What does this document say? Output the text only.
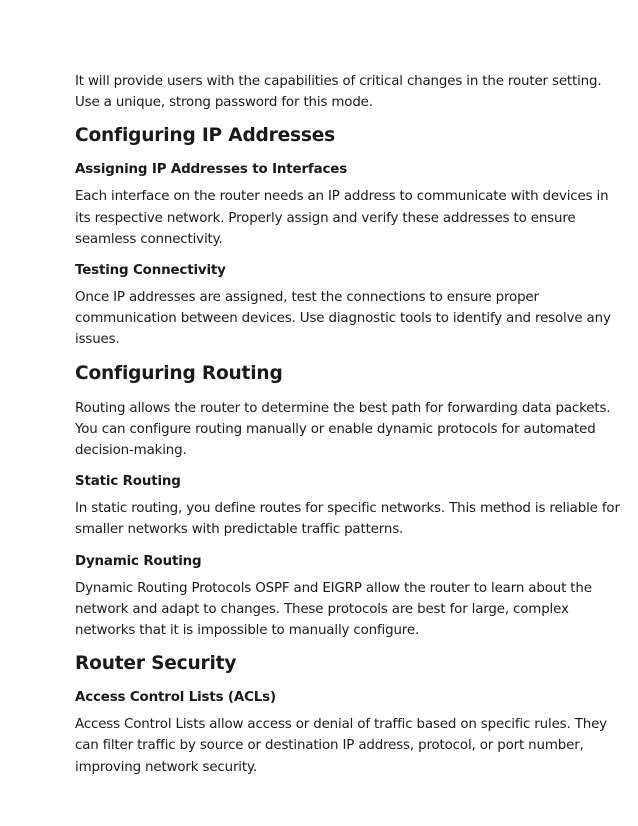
It will provide users with the capabilities of critical changes in the router setting.
Use a unique, strong password for this mode.

Configuring IP Addresses
Assigning IP Addresses to Interfaces

Each interface on the router needs an IP address to communicate with devices in
its respective network. Properly assign and verify these addresses to ensure
seamless connectivity.

Testing Connectivity

Once IP addresses are assigned, test the connections to ensure proper
communication between devices. Use diagnostic tools to identify and resolve any
issues.

Configuring Routing

Routing allows the router to determine the best path for forwarding data packets.
You can configure routing manually or enable dynamic protocols for automated
decision-making.

Static Routing

In static routing, you define routes for specific networks. This method is reliable for
smaller networks with predictable traffic patterns.

Dynamic Routing

Dynamic Routing Protocols OSPF and EIGRP allow the router to learn about the
network and adapt to changes. These protocols are best for large, complex
networks that it is impossible to manually configure.

Router Security
Access Control Lists (ACLs)

Access Control Lists allow access or denial of traffic based on specific rules. They
can filter traffic by source or destination IP address, protocol, or port number,
improving network security.
